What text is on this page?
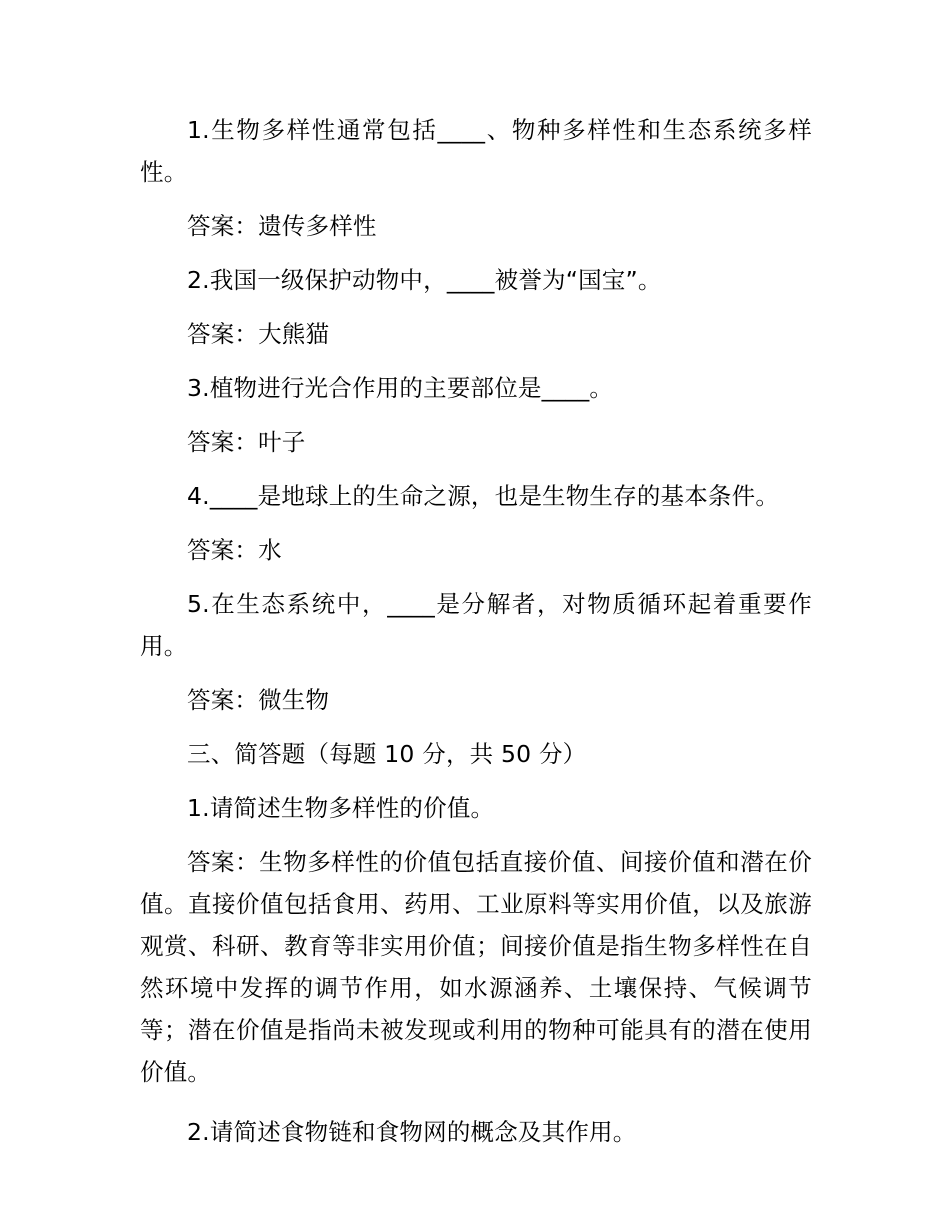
1.生物多样性通常包括____、物种多样性和生态系统多样性。

答案：遗传多样性

2.我国一级保护动物中，____被誉为“国宝”。

答案：大熊猫

3.植物进行光合作用的主要部位是____。

答案：叶子

4.____是地球上的生命之源，也是生物生存的基本条件。

答案：水

5.在生态系统中，____是分解者，对物质循环起着重要作用。

答案：微生物

三、简答题（每题 10 分，共 50 分）

1.请简述生物多样性的价值。

答案：生物多样性的价值包括直接价值、间接价值和潜在价值。直接价值包括食用、药用、工业原料等实用价值，以及旅游观赏、科研、教育等非实用价值；间接价值是指生物多样性在自然环境中发挥的调节作用，如水源涵养、土壤保持、气候调节等；潜在价值是指尚未被发现或利用的物种可能具有的潜在使用价值。

2.请简述食物链和食物网的概念及其作用。
